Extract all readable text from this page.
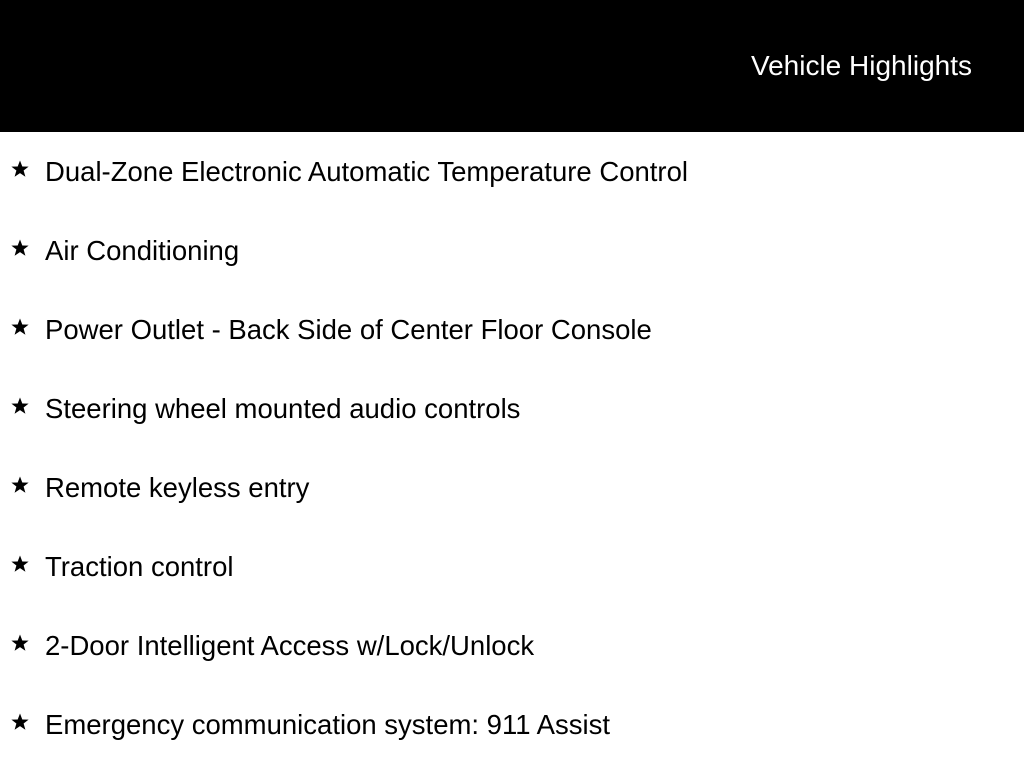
Vehicle Highlights
Dual-Zone Electronic Automatic Temperature Control
Air Conditioning
Power Outlet - Back Side of Center Floor Console
Steering wheel mounted audio controls
Remote keyless entry
Traction control
2-Door Intelligent Access w/Lock/Unlock
Emergency communication system: 911 Assist
